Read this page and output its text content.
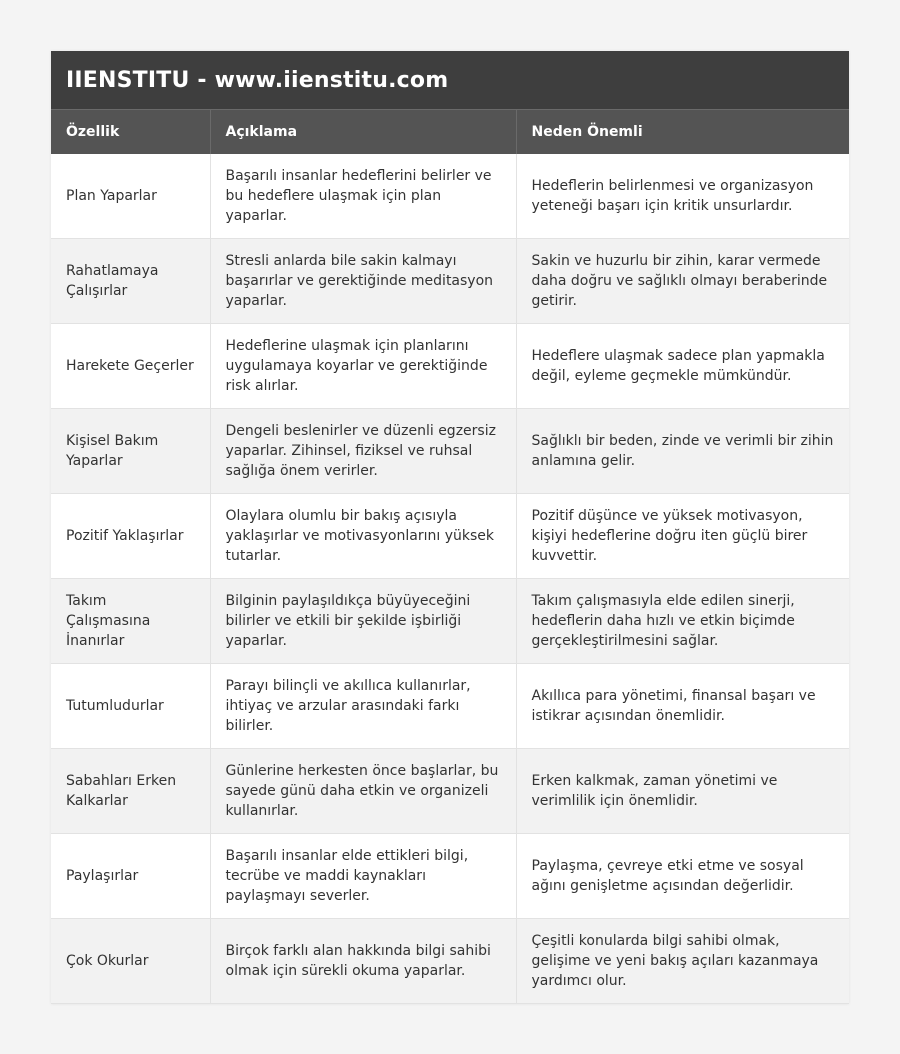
IIENSTITU - www.iienstitu.com
Özellik	Açıklama	Neden Önemli
Plan Yaparlar	Başarılı insanlar hedeflerini belirler ve bu hedeflere ulaşmak için plan yaparlar.	Hedeflerin belirlenmesi ve organizasyon yeteneği başarı için kritik unsurlardır.
Rahatlamaya Çalışırlar	Stresli anlarda bile sakin kalmayı başarırlar ve gerektiğinde meditasyon yaparlar.	Sakin ve huzurlu bir zihin, karar vermede daha doğru ve sağlıklı olmayı beraberinde getirir.
Harekete Geçerler	Hedeflerine ulaşmak için planlarını uygulamaya koyarlar ve gerektiğinde risk alırlar.	Hedeflere ulaşmak sadece plan yapmakla değil, eyleme geçmekle mümkündür.
Kişisel Bakım Yaparlar	Dengeli beslenirler ve düzenli egzersiz yaparlar. Zihinsel, fiziksel ve ruhsal sağlığa önem verirler.	Sağlıklı bir beden, zinde ve verimli bir zihin anlamına gelir.
Pozitif Yaklaşırlar	Olaylara olumlu bir bakış açısıyla yaklaşırlar ve motivasyonlarını yüksek tutarlar.	Pozitif düşünce ve yüksek motivasyon, kişiyi hedeflerine doğru iten güçlü birer kuvvettir.
Takım Çalışmasına İnanırlar	Bilginin paylaşıldıkça büyüyeceğini bilirler ve etkili bir şekilde işbirliği yaparlar.	Takım çalışmasıyla elde edilen sinerji, hedeflerin daha hızlı ve etkin biçimde gerçekleştirilmesini sağlar.
Tutumludurlar	Parayı bilinçli ve akıllıca kullanırlar, ihtiyaç ve arzular arasındaki farkı bilirler.	Akıllıca para yönetimi, finansal başarı ve istikrar açısından önemlidir.
Sabahları Erken Kalkarlar	Günlerine herkesten önce başlarlar, bu sayede günü daha etkin ve organizeli kullanırlar.	Erken kalkmak, zaman yönetimi ve verimlilik için önemlidir.
Paylaşırlar	Başarılı insanlar elde ettikleri bilgi, tecrübe ve maddi kaynakları paylaşmayı severler.	Paylaşma, çevreye etki etme ve sosyal ağını genişletme açısından değerlidir.
Çok Okurlar	Birçok farklı alan hakkında bilgi sahibi olmak için sürekli okuma yaparlar.	Çeşitli konularda bilgi sahibi olmak, gelişime ve yeni bakış açıları kazanmaya yardımcı olur.
